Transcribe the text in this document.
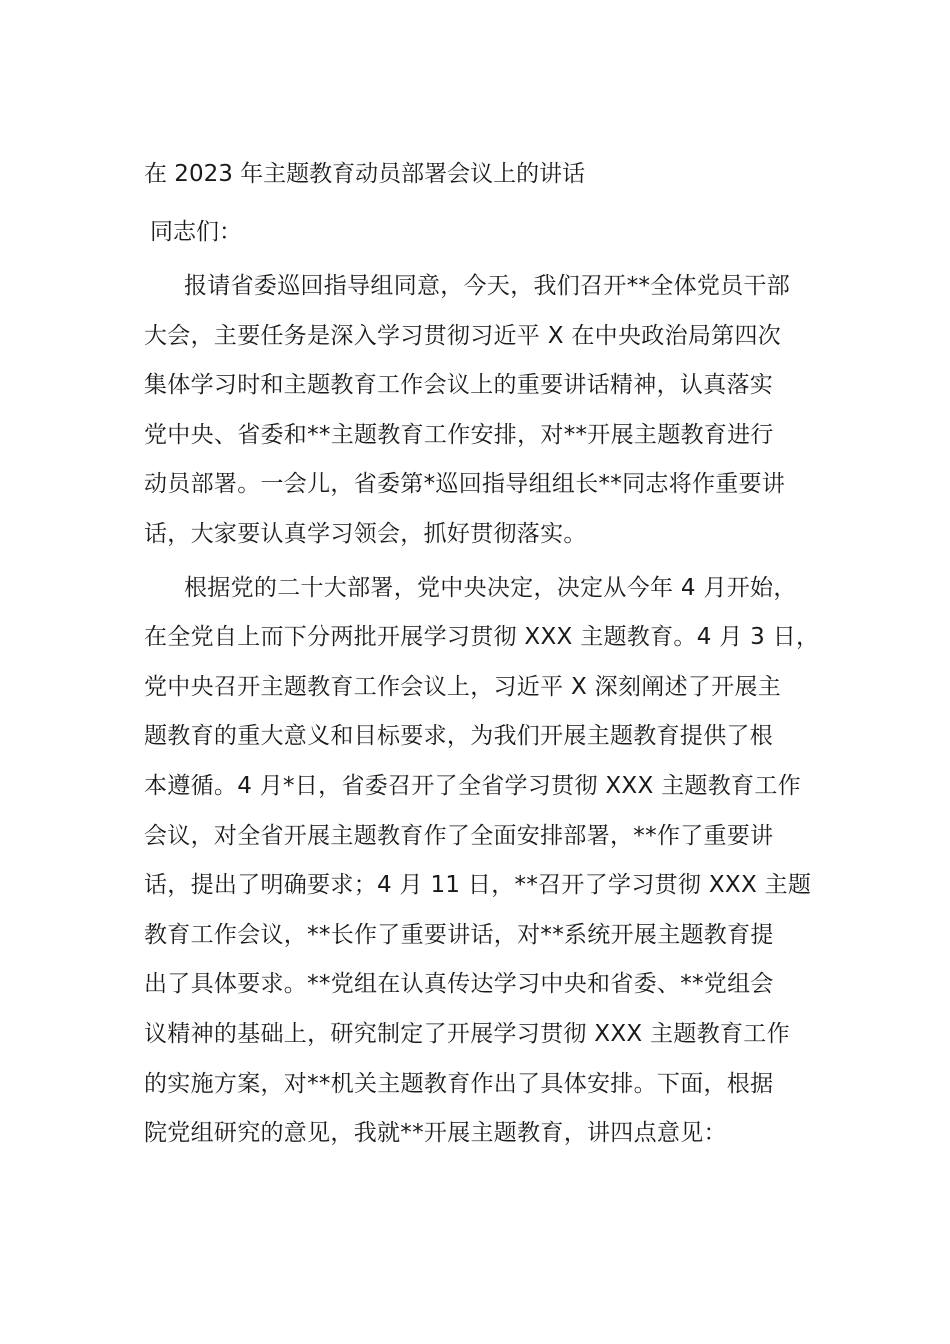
在 2023 年主题教育动员部署会议上的讲话
同志们：
报请省委巡回指导组同意，今天，我们召开**全体党员干部
大会，主要任务是深入学习贯彻习近平 X 在中央政治局第四次
集体学习时和主题教育工作会议上的重要讲话精神，认真落实
党中央、省委和**主题教育工作安排，对**开展主题教育进行
动员部署。一会儿，省委第*巡回指导组组长**同志将作重要讲
话，大家要认真学习领会，抓好贯彻落实。
根据党的二十大部署，党中央决定，决定从今年 4 月开始，
在全党自上而下分两批开展学习贯彻 XXX 主题教育。4 月 3 日，
党中央召开主题教育工作会议上，习近平 X 深刻阐述了开展主
题教育的重大意义和目标要求，为我们开展主题教育提供了根
本遵循。4 月*日，省委召开了全省学习贯彻 XXX 主题教育工作
会议，对全省开展主题教育作了全面安排部署，**作了重要讲
话，提出了明确要求；4 月 11 日，**召开了学习贯彻 XXX 主题
教育工作会议，**长作了重要讲话，对**系统开展主题教育提
出了具体要求。**党组在认真传达学习中央和省委、**党组会
议精神的基础上，研究制定了开展学习贯彻 XXX 主题教育工作
的实施方案，对**机关主题教育作出了具体安排。下面，根据
院党组研究的意见，我就**开展主题教育，讲四点意见：
